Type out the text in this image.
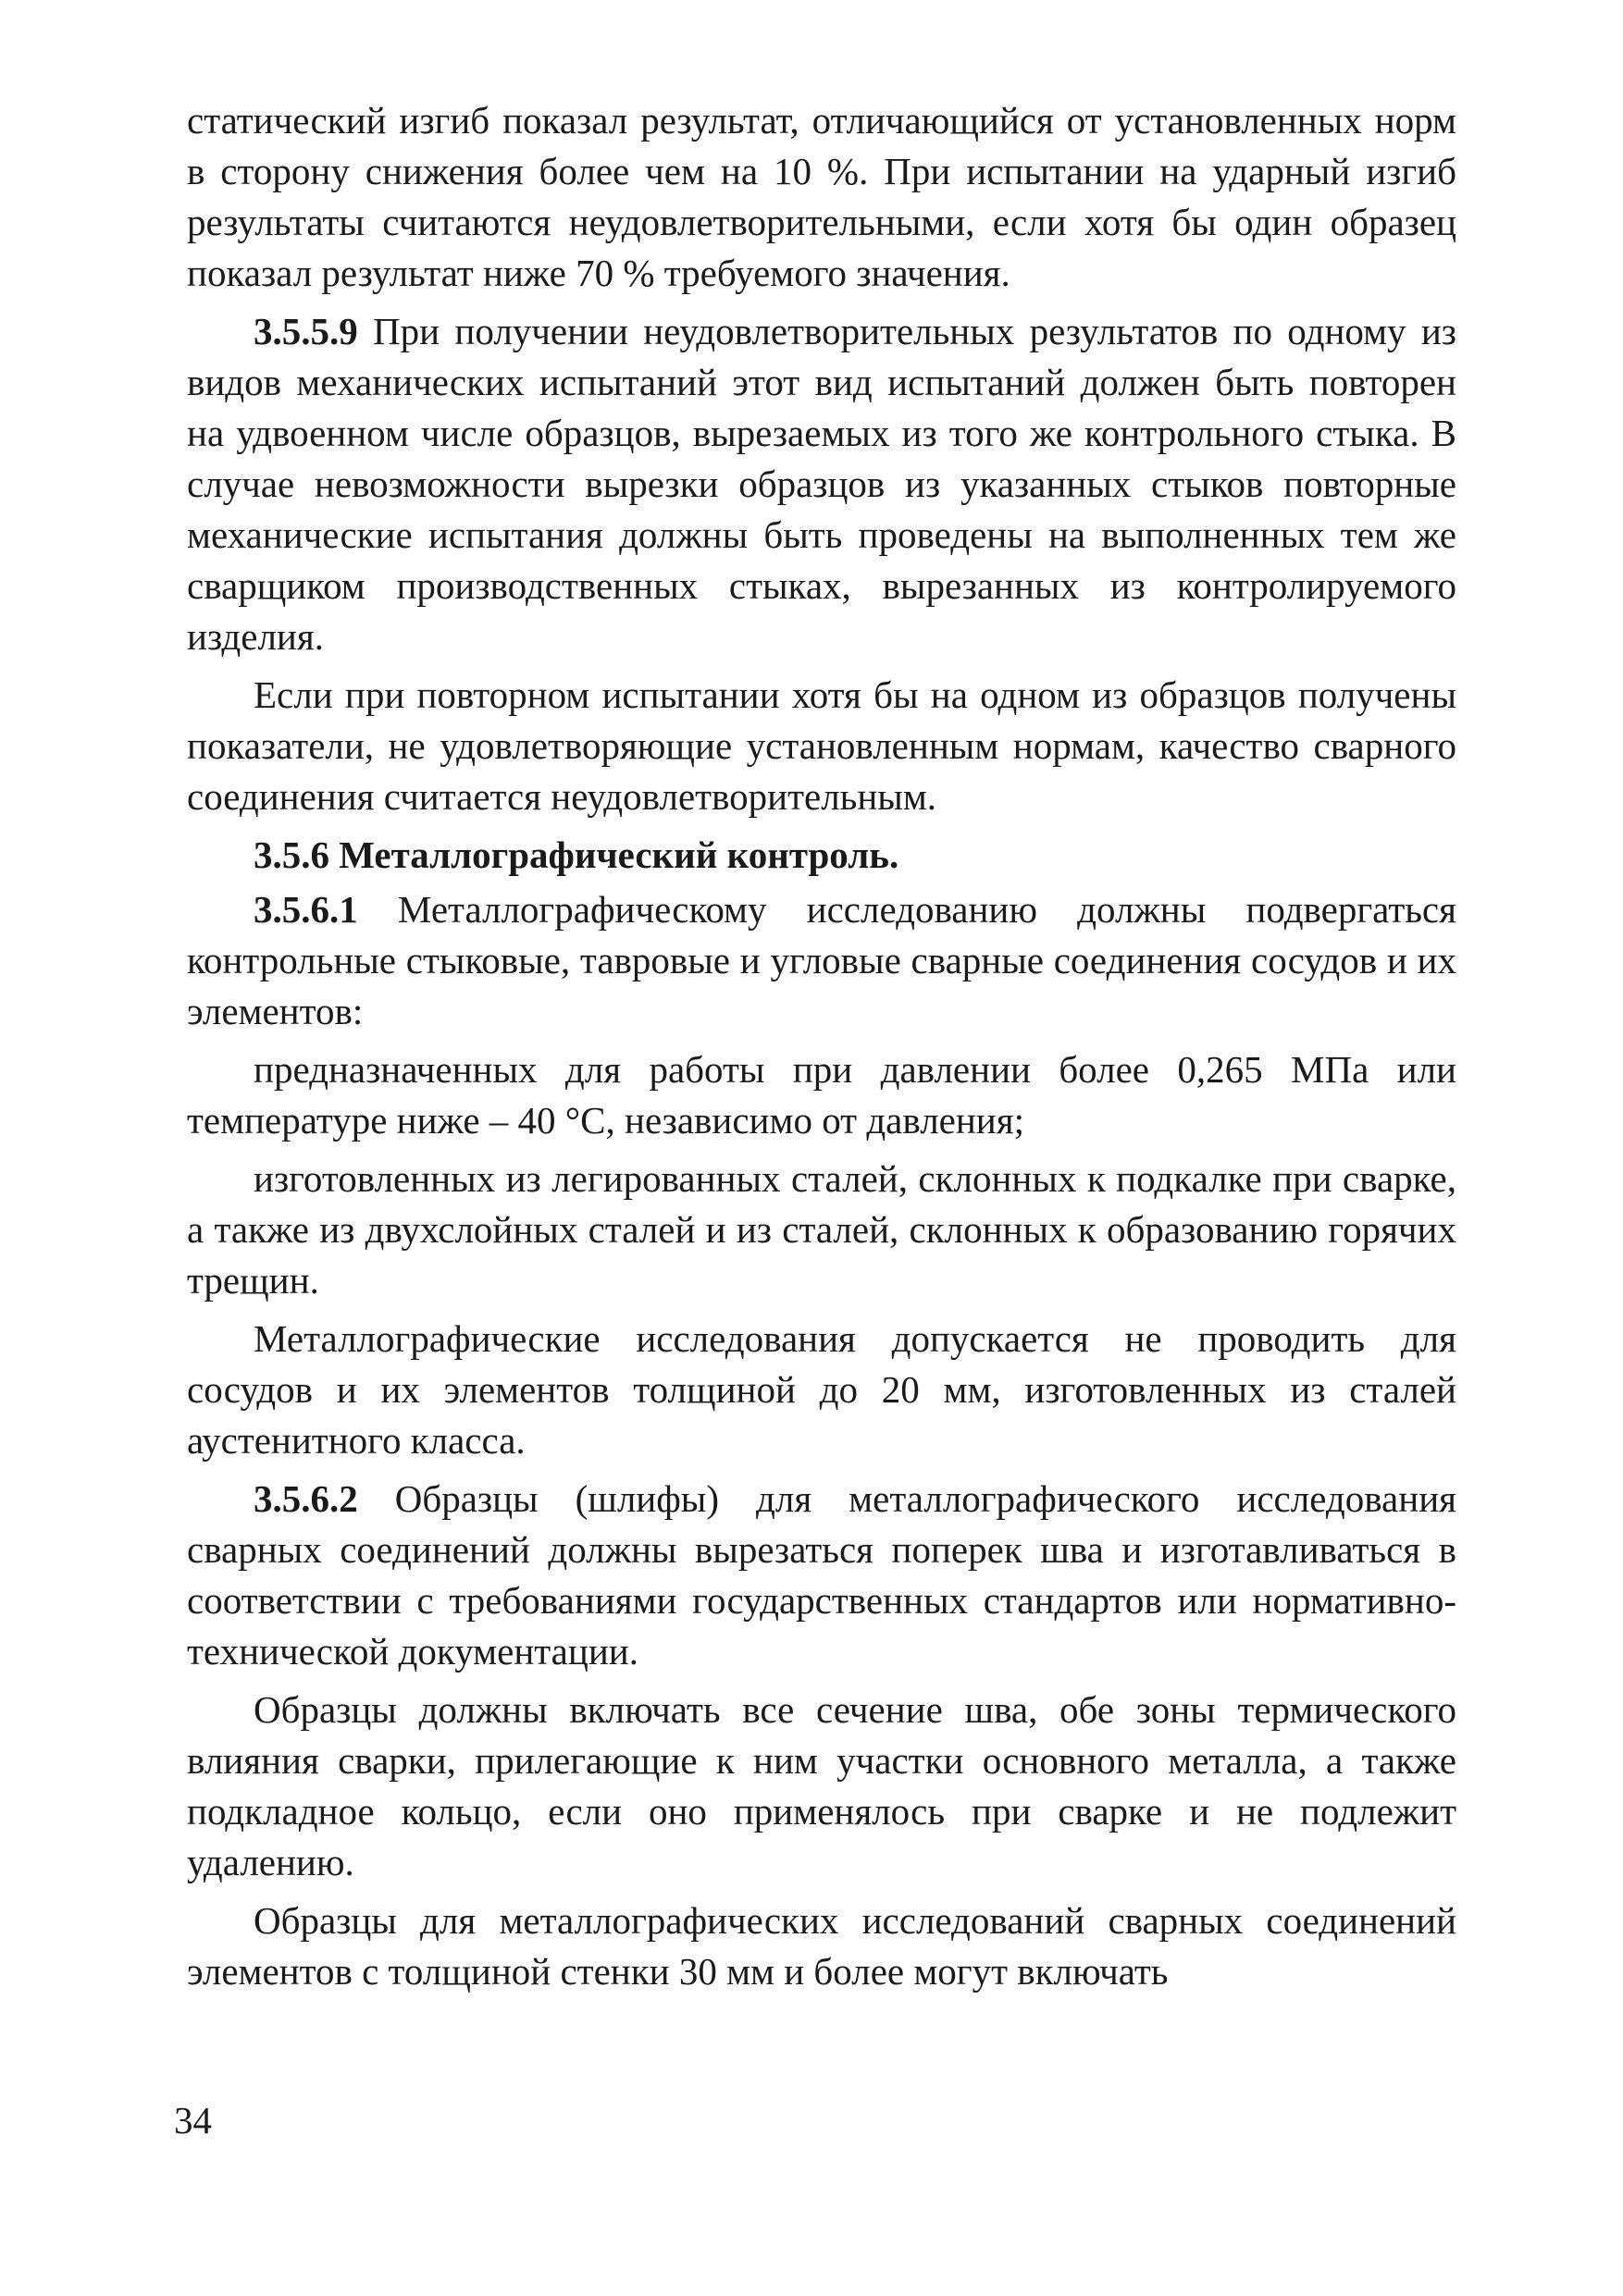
статический изгиб показал результат, отличающийся от установленных норм в сторону снижения более чем на 10 %. При испытании на ударный изгиб результаты считаются неудовлетворительными, если хотя бы один образец показал результат ниже 70 % требуемого значения.

3.5.5.9 При получении неудовлетворительных результатов по одному из видов механических испытаний этот вид испытаний должен быть повторен на удвоенном числе образцов, вырезаемых из того же контрольного стыка. В случае невозможности вырезки образцов из указанных стыков повторные механические испытания должны быть проведены на выполненных тем же сварщиком производственных стыках, вырезанных из контролируемого изделия.

Если при повторном испытании хотя бы на одном из образцов получены показатели, не удовлетворяющие установленным нормам, качество сварного соединения считается неудовлетворительным.

3.5.6 Металлографический контроль.

3.5.6.1 Металлографическому исследованию должны подвергаться контрольные стыковые, тавровые и угловые сварные соединения сосудов и их элементов:

предназначенных для работы при давлении более 0,265 МПа или температуре ниже – 40 °С, независимо от давления;

изготовленных из легированных сталей, склонных к подкалке при сварке, а также из двухслойных сталей и из сталей, склонных к образованию горячих трещин.

Металлографические исследования допускается не проводить для сосудов и их элементов толщиной до 20 мм, изготовленных из сталей аустенитного класса.

3.5.6.2 Образцы (шлифы) для металлографического исследования сварных соединений должны вырезаться поперек шва и изготавливаться в соответствии с требованиями государственных стандартов или нормативно-технической документации.

Образцы должны включать все сечение шва, обе зоны термического влияния сварки, прилегающие к ним участки основного металла, а также подкладное кольцо, если оно применялось при сварке и не подлежит удалению.

Образцы для металлографических исследований сварных соединений элементов с толщиной стенки 30 мм и более могут включать

34
